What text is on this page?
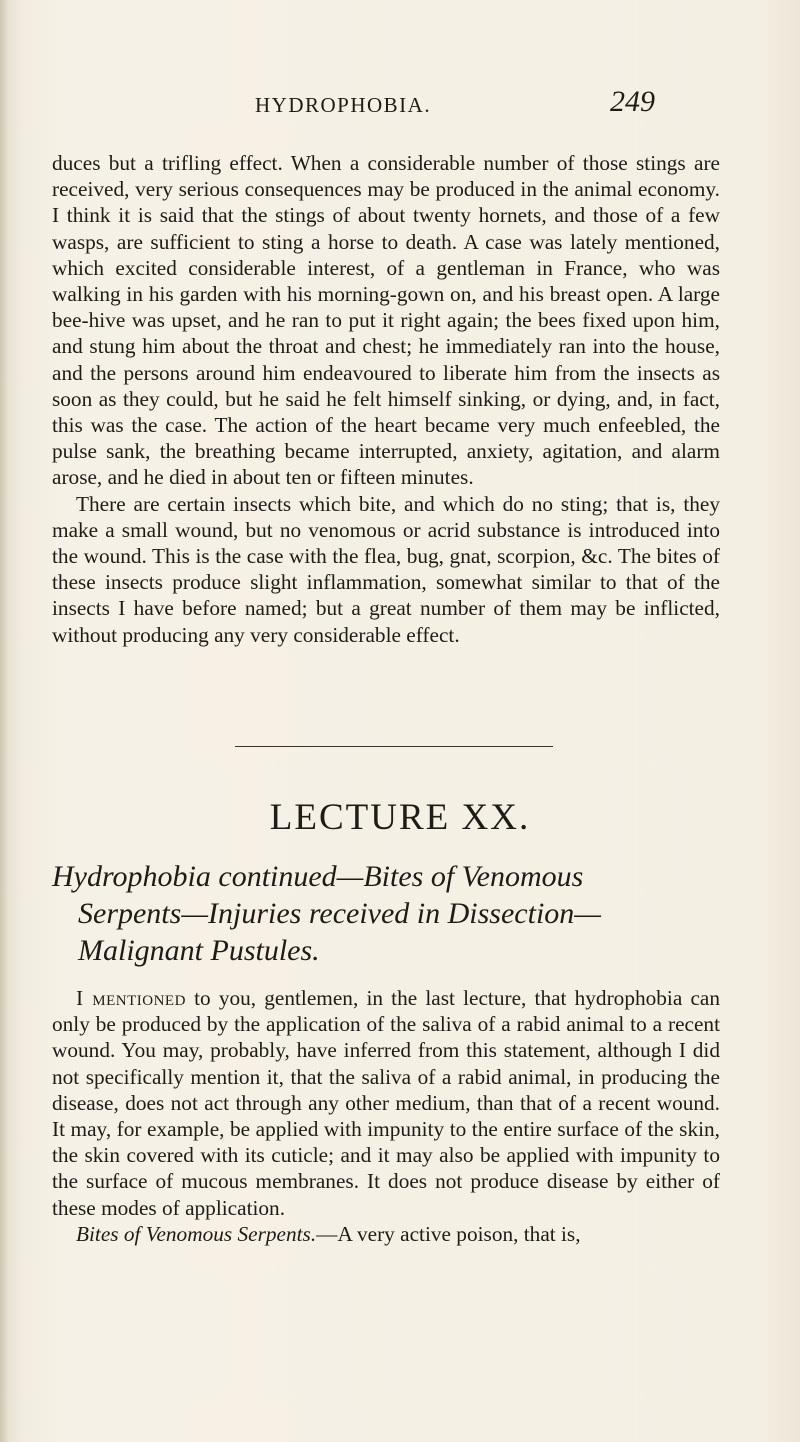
HYDROPHOBIA.	249

duces but a trifling effect. When a considerable number of those stings are received, very serious consequences may be produced in the animal economy. I think it is said that the stings of about twenty hornets, and those of a few wasps, are sufficient to sting a horse to death. A case was lately mentioned, which excited considerable interest, of a gentleman in France, who was walking in his garden with his morning-gown on, and his breast open. A large bee-hive was upset, and he ran to put it right again; the bees fixed upon him, and stung him about the throat and chest; he immediately ran into the house, and the persons around him endeavoured to liberate him from the insects as soon as they could, but he said he felt himself sinking, or dying, and, in fact, this was the case. The action of the heart became very much enfeebled, the pulse sank, the breathing became interrupted, anxiety, agitation, and alarm arose, and he died in about ten or fifteen minutes.

There are certain insects which bite, and which do no sting; that is, they make a small wound, but no venomous or acrid substance is introduced into the wound. This is the case with the flea, bug, gnat, scorpion, &c. The bites of these insects produce slight inflammation, somewhat similar to that of the insects I have before named; but a great number of them may be inflicted, without producing any very considerable effect.

LECTURE XX.
Hydrophobia continued—Bites of Venomous
Serpents—Injuries received in Dissection—
Malignant Pustules.

I mentioned to you, gentlemen, in the last lecture, that hydrophobia can only be produced by the application of the saliva of a rabid animal to a recent wound. You may, probably, have inferred from this statement, although I did not specifically mention it, that the saliva of a rabid animal, in producing the disease, does not act through any other medium, than that of a recent wound. It may, for example, be applied with impunity to the entire surface of the skin, the skin covered with its cuticle; and it may also be applied with impunity to the surface of mucous membranes. It does not produce disease by either of these modes of application.

Bites of Venomous Serpents.—A very active poison, that is,
